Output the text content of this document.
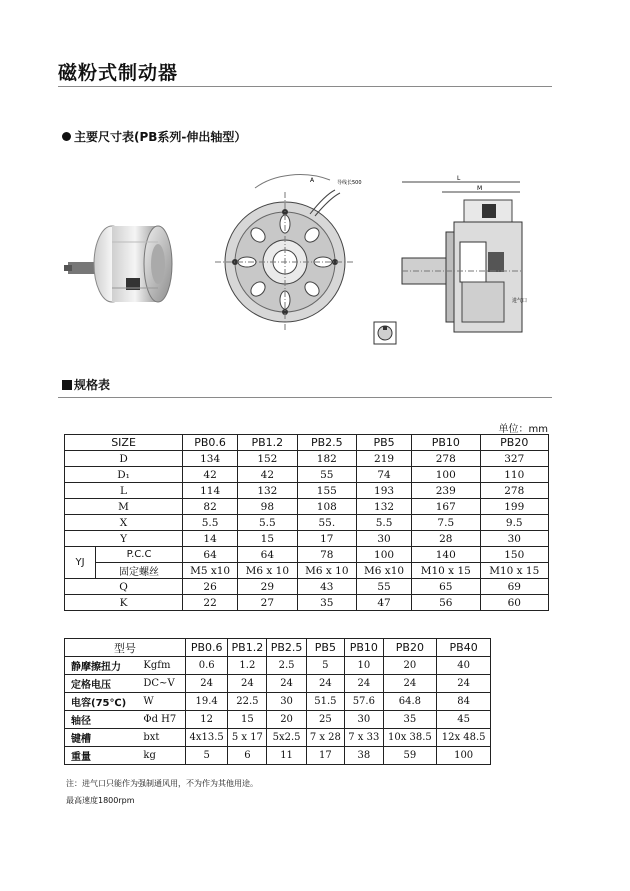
磁粉式制动器
主要尺寸表(PB系列-伸出轴型）
A	导线长500
L
M
进气口
规格表
单位：mm
SIZE		PB0.6	PB1.2	PB2.5	PB5	PB10	PB20
D		134	152	182	219	278	327
D₁		42	42	55	74	100	110
L		114	132	155	193	239	278
M		82	98	108	132	167	199
X		5.5	5.5	55.	5.5	7.5	9.5
Y		14	15	17	30	28	30
YJ	P.C.C	64	64	78	100	140	150
	固定螺丝	M5 x10	M6 x 10	M6 x 10	M6 x10	M10 x 15	M10 x 15
Q		26	29	43	55	65	69
K		22	27	35	47	56	60
型号		PB0.6	PB1.2	PB2.5	PB5	PB10	PB20	PB40
静摩擦扭力	Kgfm	0.6	1.2	2.5	5	10	20	40
定格电压	DC~V	24	24	24	24	24	24	24
电容(75℃)	W	19.4	22.5	30	51.5	57.6	64.8	84
轴径	Φd H7	12	15	20	25	30	35	45
键槽	bxt	4x13.5	5 x 17	5x2.5	7 x 28	7 x 33	10x 38.5	12x 48.5
重量	kg	5	6	11	17	38	59	100
注：进气口只能作为强制通风用，不为作为其他用途。
最高速度1800rpm
